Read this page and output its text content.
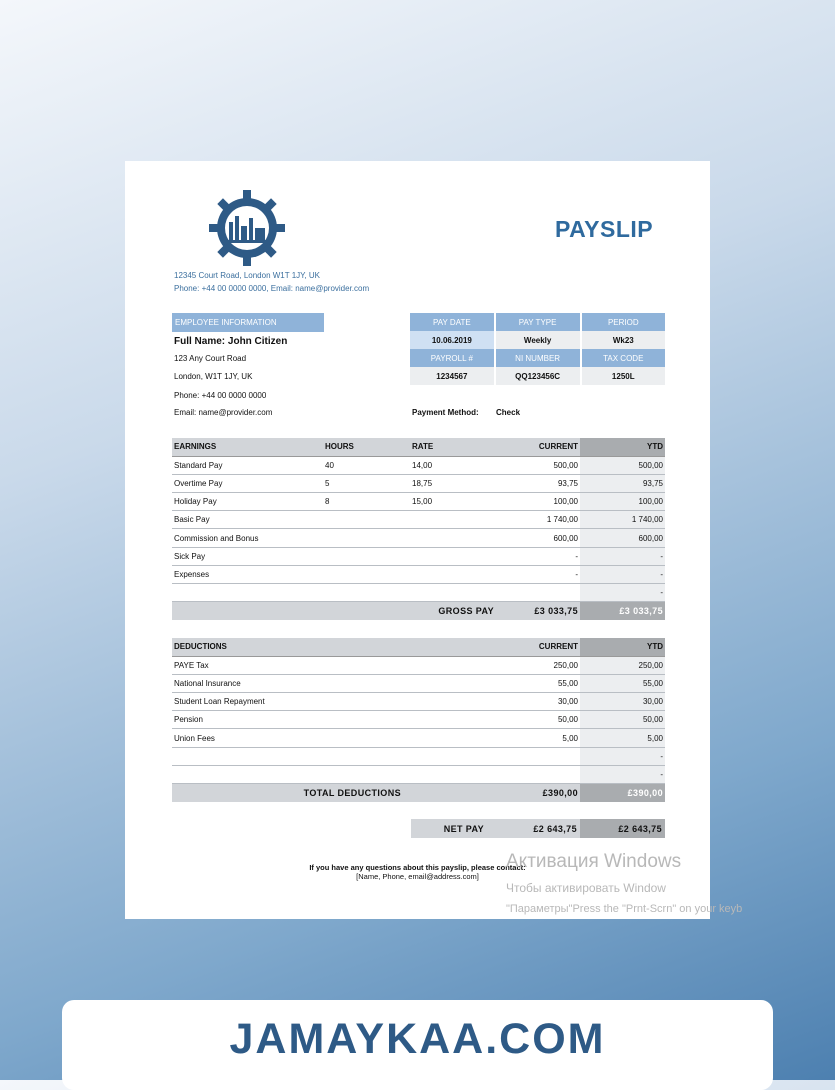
PAYSLIP
12345 Court Road, London W1T 1JY, UK
Phone: +44 00 0000 0000, Email: name@provider.com
EMPLOYEE INFORMATION
Full Name: John Citizen
123 Any Court Road
London, W1T 1JY, UK
Phone: +44 00 0000 0000
Email: name@provider.com
PAY DATE	PAY TYPE	PERIOD
10.06.2019	Weekly	Wk23
PAYROLL #	NI NUMBER	TAX CODE
1234567	QQ123456C	1250L
Payment Method: Check
EARNINGS	HOURS	RATE	CURRENT	YTD
Standard Pay	40	14,00	500,00	500,00
Overtime Pay	5	18,75	93,75	93,75
Holiday Pay	8	15,00	100,00	100,00
Basic Pay			1 740,00	1 740,00
Commission and Bonus			600,00	600,00
Sick Pay			-	-
Expenses			-	-
				-
		GROSS PAY	£3 033,75	£3 033,75
DEDUCTIONS	CURRENT	YTD
PAYE Tax	250,00	250,00
National Insurance	55,00	55,00
Student Loan Repayment	30,00	30,00
Pension	50,00	50,00
Union Fees	5,00	5,00
		-
		-
TOTAL DEDUCTIONS	£390,00	£390,00
NET PAY	£2 643,75	£2 643,75
If you have any questions about this payslip, please contact:
[Name, Phone, email@address.com]
Активация Windows
Чтобы активировать Window
"Параметры"Press the "Prnt-Scrn" on your keyb
JAMAYKAA.COM
